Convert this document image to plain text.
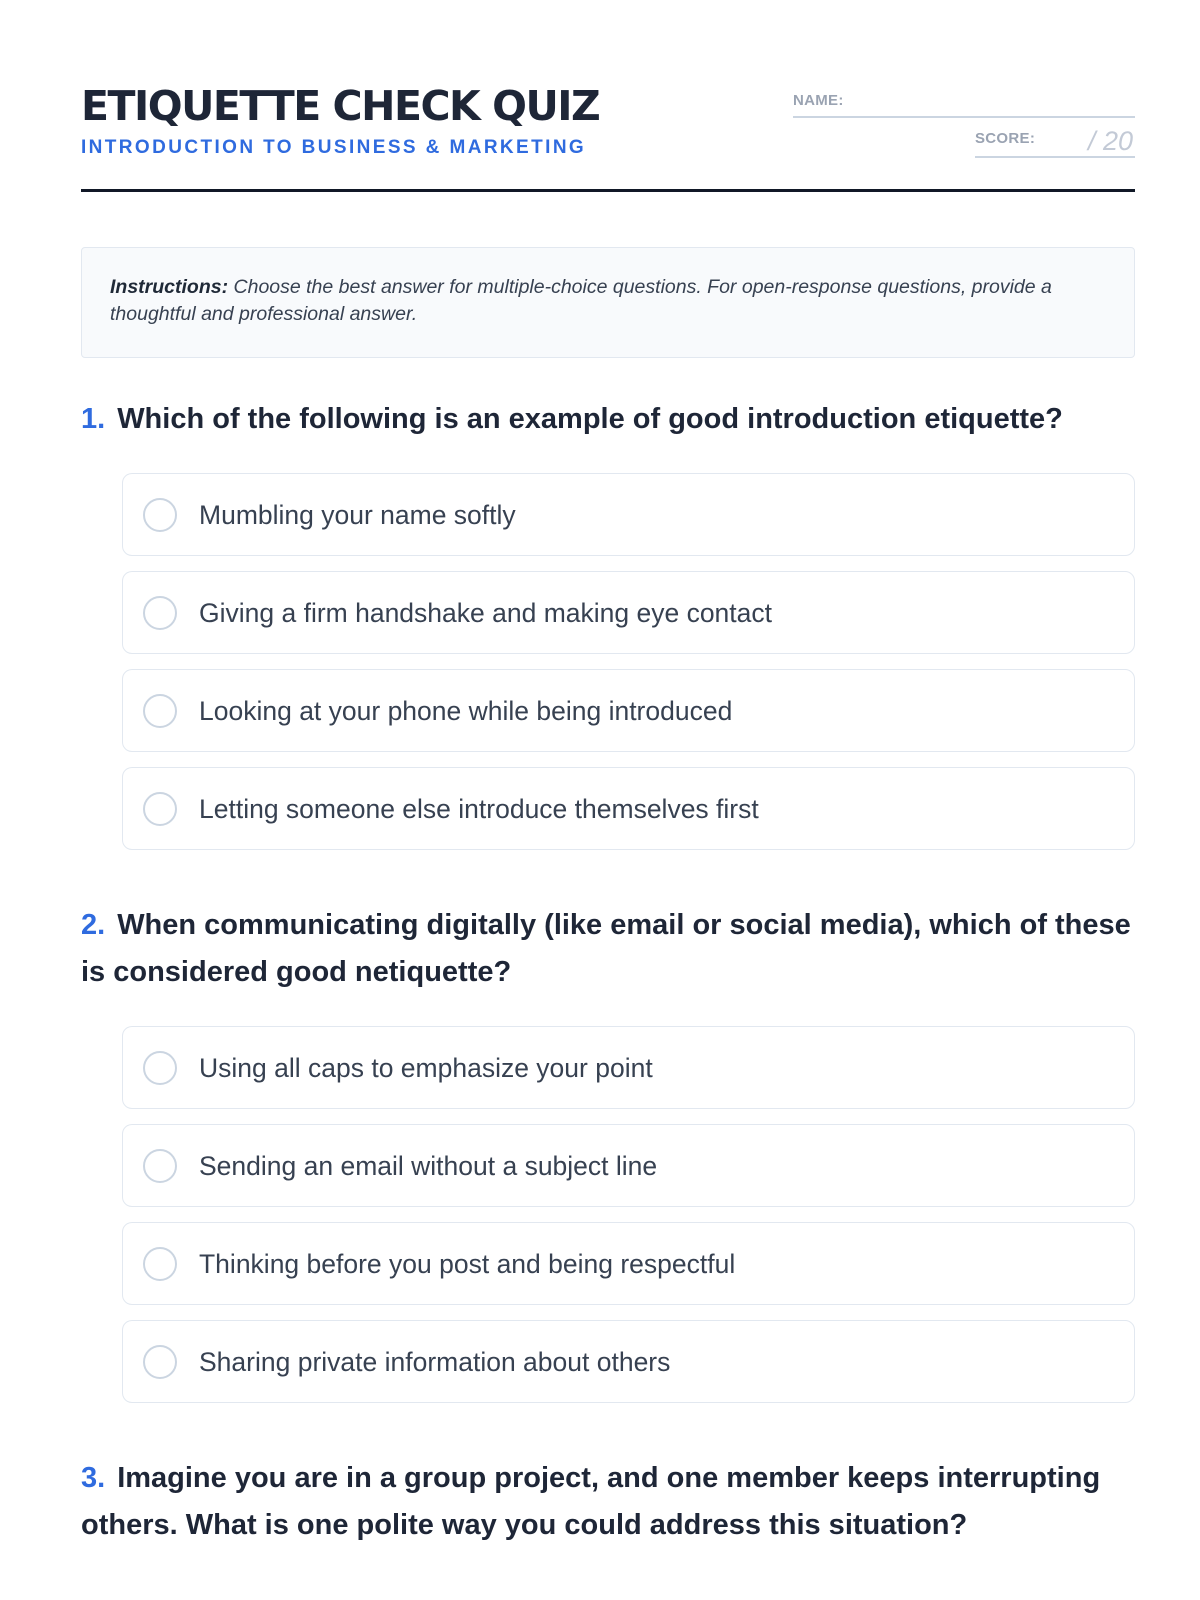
ETIQUETTE CHECK QUIZ
INTRODUCTION TO BUSINESS & MARKETING
NAME:
SCORE: / 20
Instructions: Choose the best answer for multiple-choice questions. For open-response questions, provide a thoughtful and professional answer.
1. Which of the following is an example of good introduction etiquette?
Mumbling your name softly
Giving a firm handshake and making eye contact
Looking at your phone while being introduced
Letting someone else introduce themselves first
2. When communicating digitally (like email or social media), which of these is considered good netiquette?
Using all caps to emphasize your point
Sending an email without a subject line
Thinking before you post and being respectful
Sharing private information about others
3. Imagine you are in a group project, and one member keeps interrupting others. What is one polite way you could address this situation?
